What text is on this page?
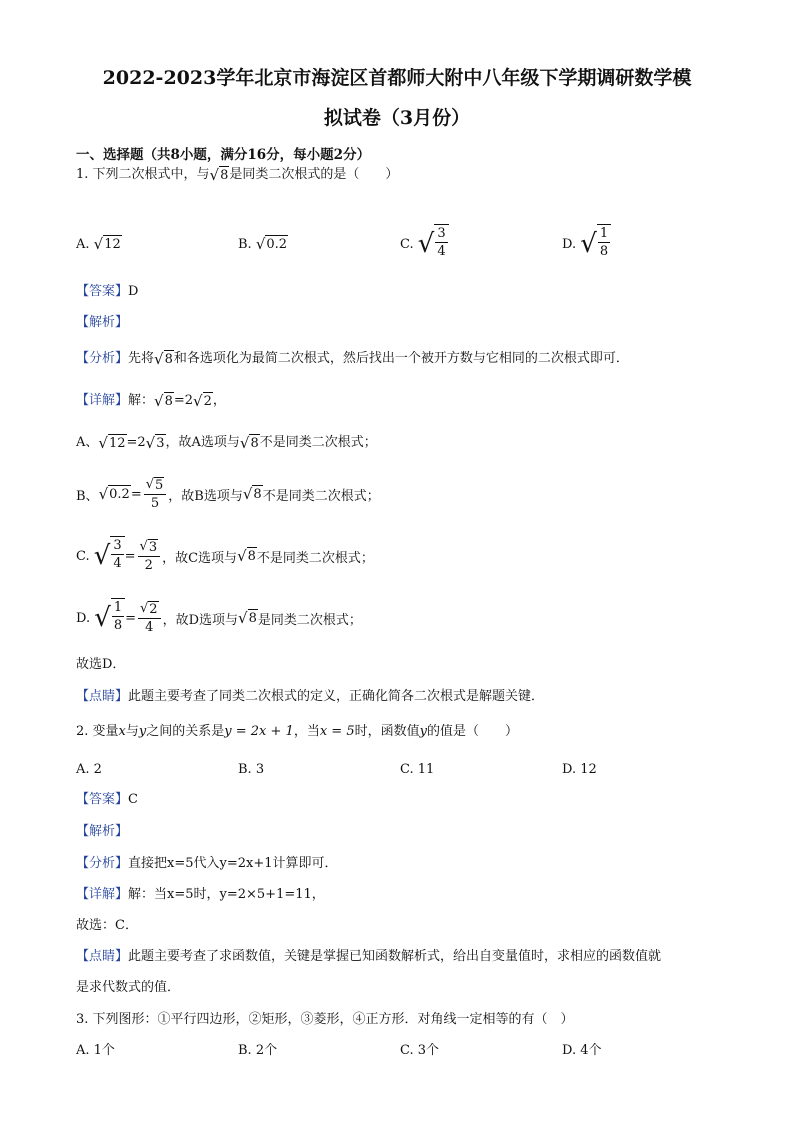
2022-2023学年北京市海淀区首都师大附中八年级下学期调研数学模
拟试卷（3月份）
一、选择题（共8小题，满分16分，每小题2分）
1. 下列二次根式中，与 √ 8 是同类二次根式的是（　　）
A.
√ 12	B.
√ 0.2	C.
√ $\frac{3}{4}$	D.
√ $\frac{1}{8}$
【答案】D
【解析】
【分析】 先将 √ 8 和各选项化为最简二次根式，然后找出一个被开方数与它相同的二次根式即可．
【详解】 解： √ 8 =2 √ 2 ，
A、 √ 12 =2 √ 3 ，故A选项与 √ 8 不是同类二次根式；
B、 √ $0.2 = \frac{√ 5}{5}$ ，故B选项与 √ 8 不是同类二次根式；
C.
√ $\frac{3}{4} = \frac{√ 3}{2}$ ，故C选项与 √ 8 不是同类二次根式；
D.
√ $\frac{1}{8} = \frac{√ 2}{4}$ ，故D选项与 √ 8 是同类二次根式；
故选D．
【点睛】此题主要考查了同类二次根式的定义，正确化简各二次根式是解题关键．
2. 变量x与y之间的关系是y = 2x + 1，当x = 5时，函数值y的值是（　　）
A. 2	B. 3	C. 11	D. 12
【答案】C
【解析】
【分析】直接把x=5代入y=2x+1计算即可．
【详解】解：当x=5时，y=2×5+1=11，
故选：C．
【点睛】此题主要考查了求函数值，关键是掌握已知函数解析式，给出自变量值时，求相应的函数值就
是求代数式的值．
3. 下列图形：①平行四边形，②矩形，③菱形，④正方形．对角线一定相等的有（　）
A. 1个	B. 2个	C. 3个	D. 4个
